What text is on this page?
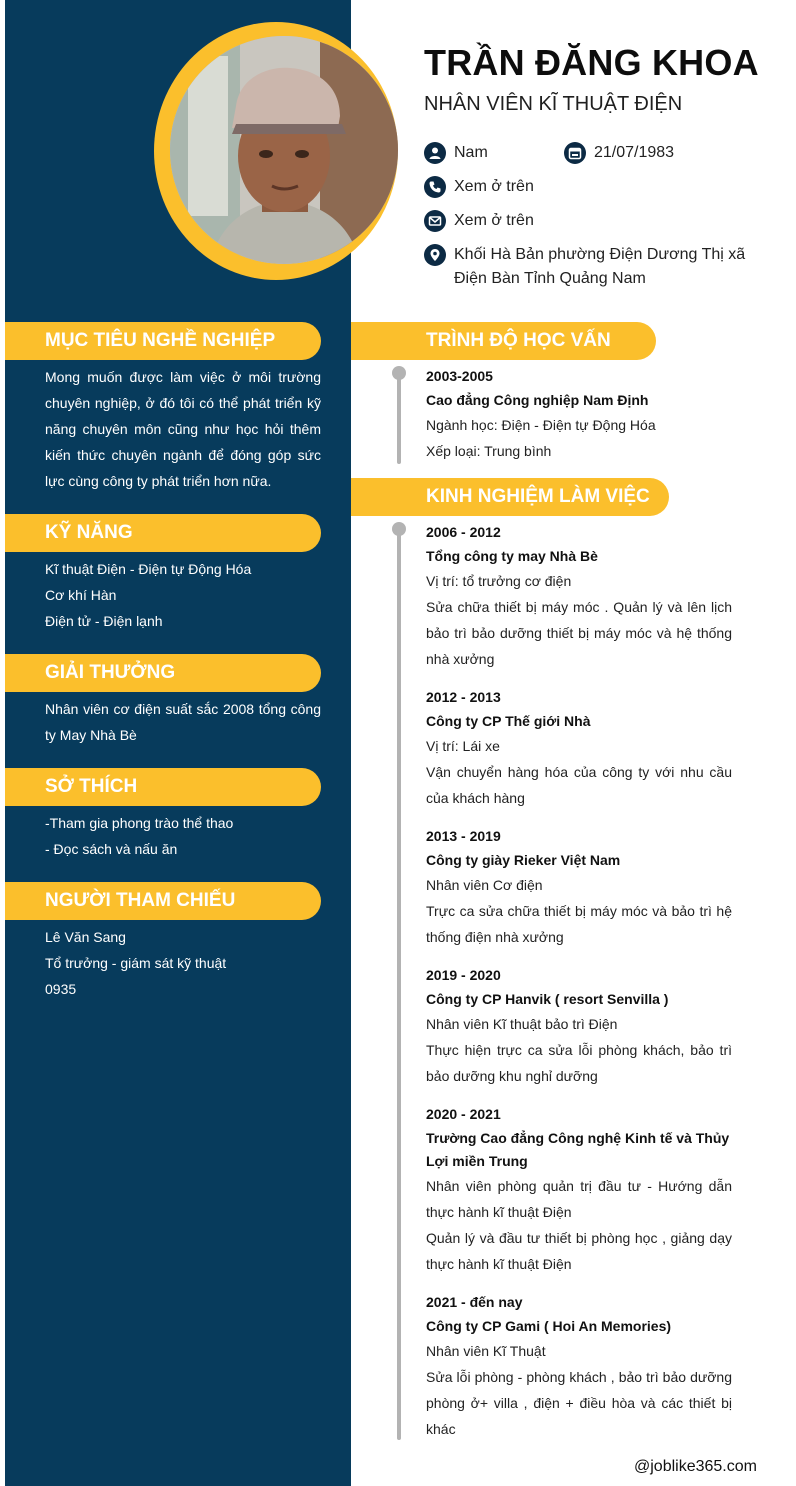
TRẦN ĐĂNG KHOA
NHÂN VIÊN KĨ THUẬT ĐIỆN
Nam	21/07/1983
Xem ở trên
Xem ở trên
Khối Hà Bản phường Điện Dương Thị xã Điện Bàn Tỉnh Quảng Nam
MỤC TIÊU NGHỀ NGHIỆP
Mong muốn được làm việc ở môi trường chuyên nghiệp, ở đó tôi có thể phát triển kỹ năng chuyên môn cũng như học hỏi thêm kiến thức chuyên ngành để đóng góp sức lực cùng công ty phát triển hơn nữa.
KỸ NĂNG
Kĩ thuật Điện - Điện tự Động Hóa
Cơ khí Hàn
Điện tử - Điện lạnh
GIẢI THƯỞNG
Nhân viên cơ điện suất sắc 2008 tổng công ty May Nhà Bè
SỞ THÍCH
-Tham gia phong trào thể thao
- Đọc sách và nấu ăn
NGƯỜI THAM CHIẾU
Lê Văn Sang
Tổ trưởng - giám sát kỹ thuật
0935
TRÌNH ĐỘ HỌC VẤN
2003-2005
Cao đẳng Công nghiệp Nam Định
Ngành học: Điện - Điện tự Động Hóa
Xếp loại: Trung bình
KINH NGHIỆM LÀM VIỆC
2006 - 2012
Tổng công ty may Nhà Bè
Vị trí: tổ trưởng cơ điện
Sửa chữa thiết bị máy móc . Quản lý và lên lịch bảo trì bảo dưỡng thiết bị máy móc và hệ thống nhà xưởng
2012 - 2013
Công ty CP Thế giới Nhà
Vị trí: Lái xe
Vận chuyển hàng hóa của công ty với nhu cầu của khách hàng
2013 - 2019
Công ty giày Rieker Việt Nam
Nhân viên Cơ điện
Trực ca sửa chữa thiết bị máy móc và bảo trì hệ thống điện nhà xưởng
2019 - 2020
Công ty CP Hanvik ( resort Senvilla )
Nhân viên Kĩ thuật bảo trì Điện
Thực hiện trực ca sửa lỗi phòng khách, bảo trì bảo dưỡng khu nghỉ dưỡng
2020 - 2021
Trường Cao đẳng Công nghệ Kinh tế và Thủy Lợi miền Trung
Nhân viên phòng quản trị đầu tư - Hướng dẫn thực hành kĩ thuật Điện
Quản lý và đầu tư thiết bị phòng học , giảng dạy thực hành kĩ thuật Điện
2021 - đến nay
Công ty CP Gami ( Hoi An Memories)
Nhân viên Kĩ Thuật
Sửa lỗi phòng - phòng khách , bảo trì bảo dưỡng phòng ở+ villa , điện + điều hòa và các thiết bị khác
@joblike365.com
